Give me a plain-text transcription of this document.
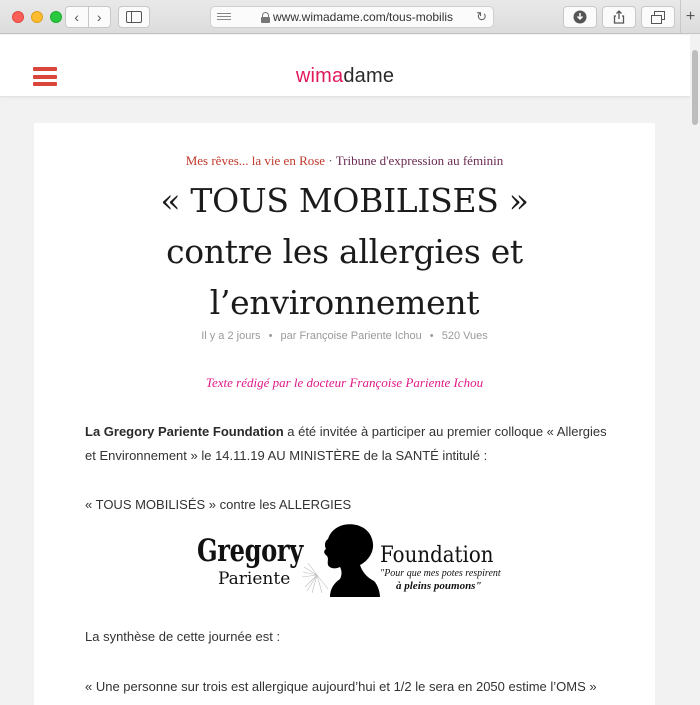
‹	›	www.wimadame.com/tous-mobilis	↻	+
wimadame
Mes rêves... la vie en Rose · Tribune d'expression au féminin
« TOUS MOBILISES »
contre les allergies et
l’environnement
Il y a 2 jours • par Françoise Pariente Ichou • 520 Vues

Texte rédigé par le docteur Françoise Pariente Ichou

La Gregory Pariente Foundation a été invitée à participer au premier colloque « Allergies et Environnement » le 14.11.19 AU MINISTÈRE de la SANTÉ intitulé :

« TOUS MOBILISÉS » contre les ALLERGIES

Gregory
Pariente
Foundation
"Pour que mes potes respirent
à pleins poumons"

La synthèse de cette journée est :

« Une personne sur trois est allergique aujourd’hui et 1/2 le sera en 2050 estime l’OMS »
